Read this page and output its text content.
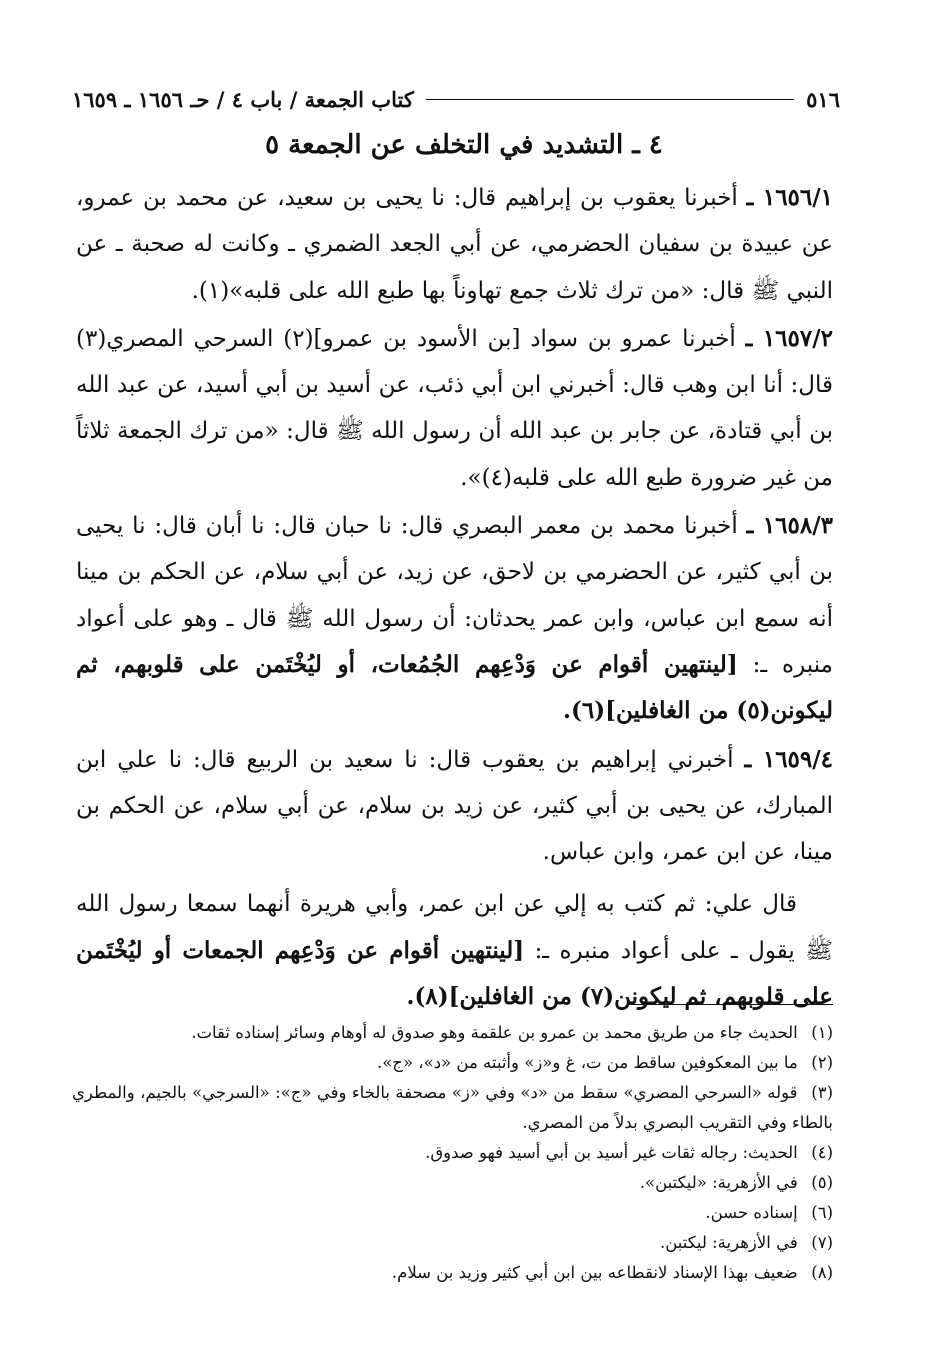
٥١٦
كتاب الجمعة / باب ٤ / حـ ١٦٥٦ ـ ١٦٥٩
٤ ـ التشديد في التخلف عن الجمعة ٥

١٦٥٦/١ ـ أخبرنا يعقوب بن إبراهيم قال: نا يحيى بن سعيد، عن محمد بن عمرو، عن عبيدة بن سفيان الحضرمي، عن أبي الجعد الضمري ـ وكانت له صحبة ـ عن النبي ﷺ قال: «من ترك ثلاث جمع تهاوناً بها طبع الله على قلبه»(١).

١٦٥٧/٢ ـ أخبرنا عمرو بن سواد [بن الأسود بن عمرو](٢) السرحي المصري(٣) قال: أنا ابن وهب قال: أخبرني ابن أبي ذئب، عن أسيد بن أبي أسيد، عن عبد الله بن أبي قتادة، عن جابر بن عبد الله أن رسول الله ﷺ قال: «من ترك الجمعة ثلاثاً من غير ضرورة طبع الله على قلبه(٤)».

١٦٥٨/٣ ـ أخبرنا محمد بن معمر البصري قال: نا حبان قال: نا أبان قال: نا يحيى بن أبي كثير، عن الحضرمي بن لاحق، عن زيد، عن أبي سلام، عن الحكم بن مينا أنه سمع ابن عباس، وابن عمر يحدثان: أن رسول الله ﷺ قال ـ وهو على أعواد منبره ـ: [لينتهين أقوام عن وَدْعِهم الجُمُعات، أو ليُخْتَمن على قلوبهم، ثم ليكونن(٥) من الغافلين](٦).

١٦٥٩/٤ ـ أخبرني إبراهيم بن يعقوب قال: نا سعيد بن الربيع قال: نا علي ابن المبارك، عن يحيى بن أبي كثير، عن زيد بن سلام، عن أبي سلام، عن الحكم بن مينا، عن ابن عمر، وابن عباس.

قال علي: ثم كتب به إلي عن ابن عمر، وأبي هريرة أنهما سمعا رسول الله ﷺ يقول ـ على أعواد منبره ـ: [لينتهين أقوام عن وَدْعِهم الجمعات أو ليُخْتَمن على قلوبهم، ثم ليكونن(٧) من الغافلين](٨).

(١) الحديث جاء من طريق محمد بن عمرو بن علقمة وهو صدوق له أوهام وسائر إسناده ثقات.
(٢) ما بين المعكوفين ساقط من ت، غ و«ز» وأثبته من «د»، «ج».
(٣) قوله «السرحي المصري» سقط من «د» وفي «ز» مصحفة بالخاء وفي «ج»: «السرجي» بالجيم، والمطري بالطاء وفي التقريب البصري بدلاً من المصري.
(٤) الحديث: رجاله ثقات غير أسيد بن أبي أسيد فهو صدوق.
(٥) في الأزهرية: «ليكتبن».
(٦) إسناده حسن.
(٧) في الأزهرية: ليكتبن.
(٨) ضعيف بهذا الإسناد لانقطاعه بين ابن أبي كثير وزيد بن سلام.
